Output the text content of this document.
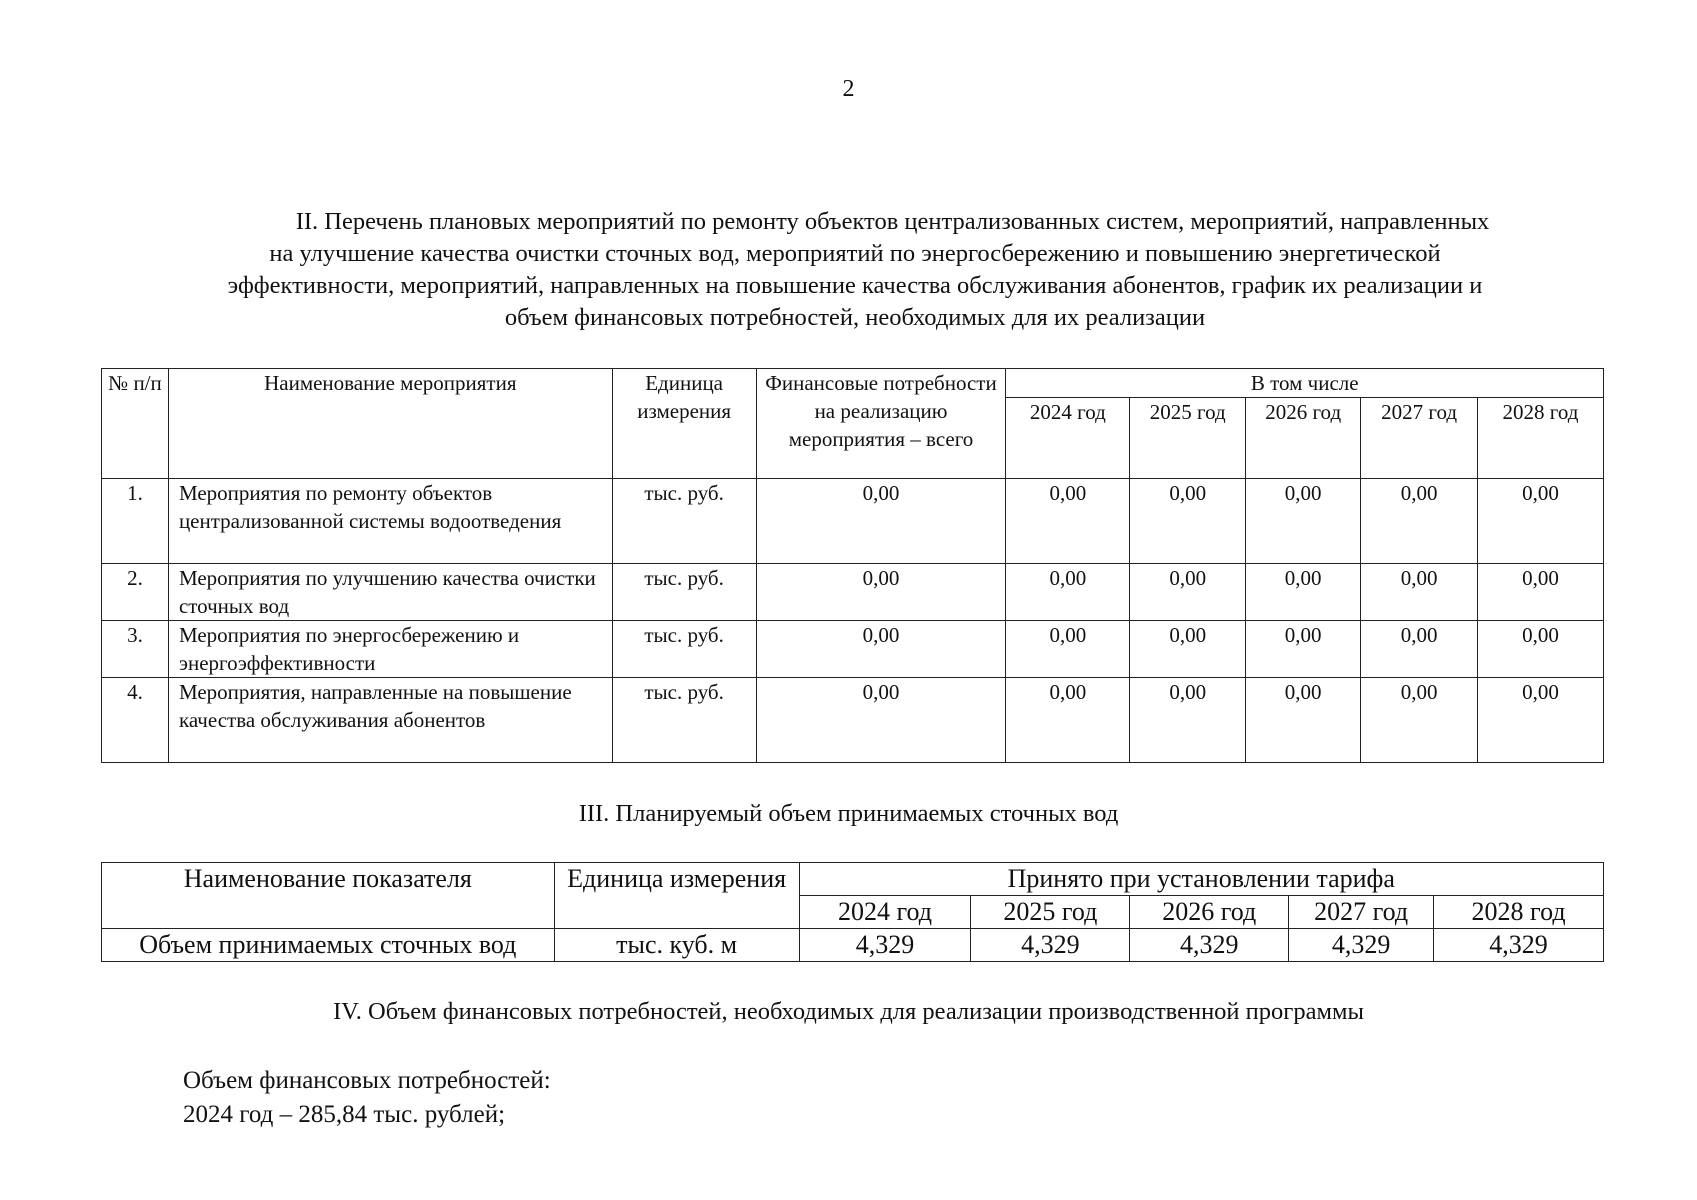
2
II. Перечень плановых мероприятий по ремонту объектов централизованных систем, мероприятий, направленных
на улучшение качества очистки сточных вод, мероприятий по энергосбережению и повышению энергетической
эффективности, мероприятий, направленных на повышение качества обслуживания абонентов, график их реализации и
объем финансовых потребностей, необходимых для их реализации
№ п/п	Наименование мероприятия	Единица измерения	Финансовые потребности на реализацию мероприятия – всего	В том числе				
				2024 год	2025 год	2026 год	2027 год	2028 год
1.	Мероприятия по ремонту объектов централизованной системы водоотведения	тыс. руб.	0,00	0,00	0,00	0,00	0,00	0,00
2.	Мероприятия по улучшению качества очистки сточных вод	тыс. руб.	0,00	0,00	0,00	0,00	0,00	0,00
3.	Мероприятия по энергосбережению и энергоэффективности	тыс. руб.	0,00	0,00	0,00	0,00	0,00	0,00
4.	Мероприятия, направленные на повышение качества обслуживания абонентов	тыс. руб.	0,00	0,00	0,00	0,00	0,00	0,00
III. Планируемый объем принимаемых сточных вод
Наименование показателя	Единица измерения	Принято при установлении тарифа				
		2024 год	2025 год	2026 год	2027 год	2028 год
Объем принимаемых сточных вод	тыс. куб. м	4,329	4,329	4,329	4,329	4,329
IV. Объем финансовых потребностей, необходимых для реализации производственной программы
Объем финансовых потребностей:
2024 год – 285,84 тыс. рублей;
